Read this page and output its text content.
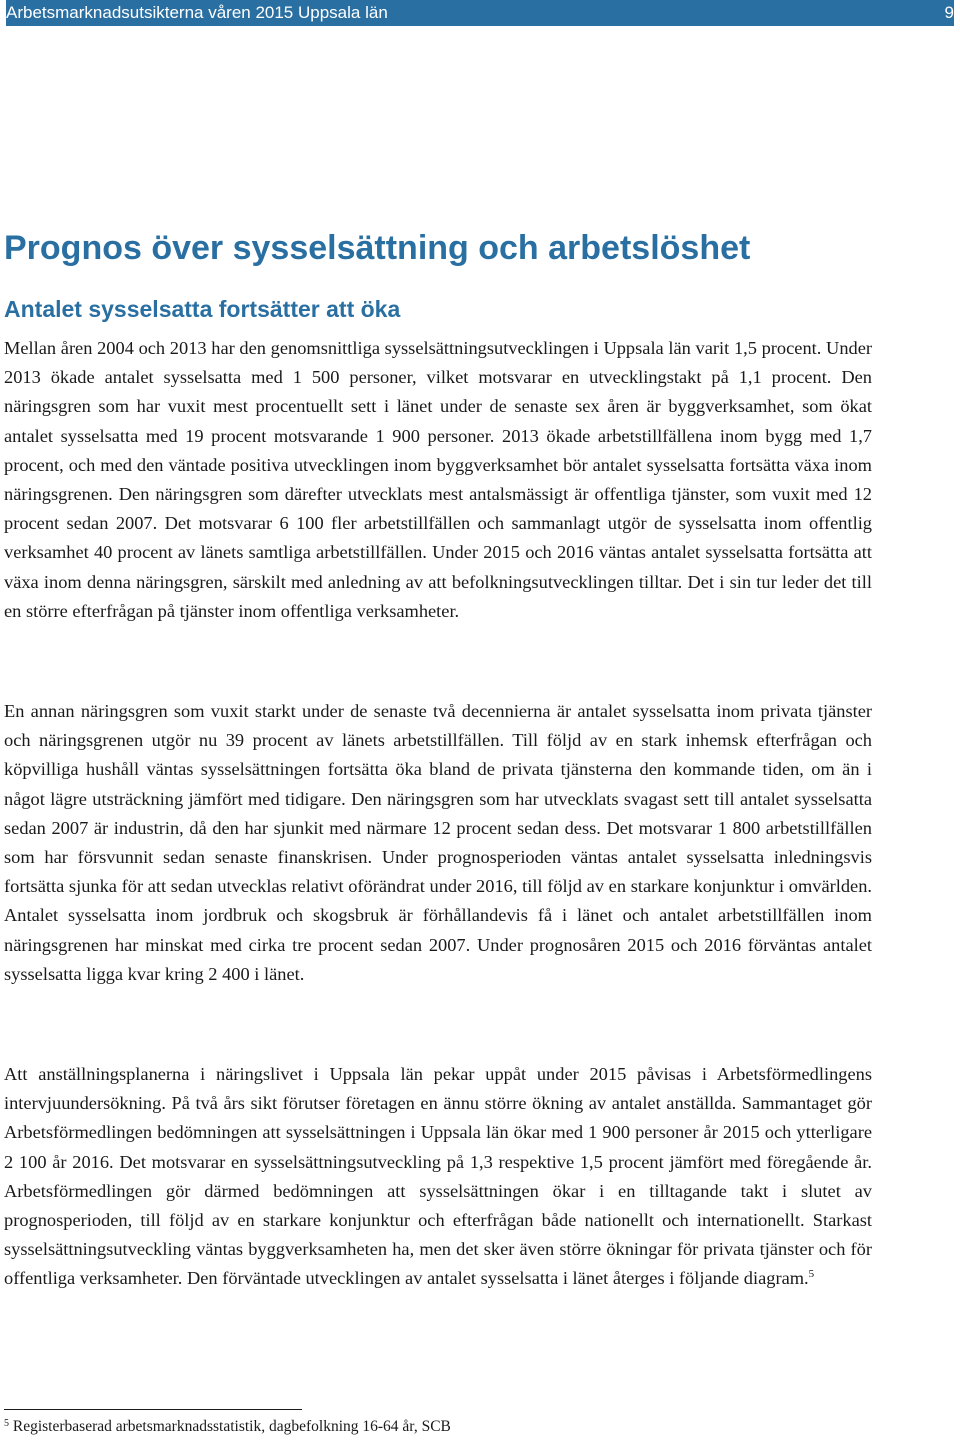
Arbetsmarknadsutsikterna våren 2015 Uppsala län	9
Prognos över sysselsättning och arbetslöshet
Antalet sysselsatta fortsätter att öka

Mellan åren 2004 och 2013 har den genomsnittliga sysselsättningsutvecklingen i Uppsala län varit 1,5 procent. Under 2013 ökade antalet sysselsatta med 1 500 personer, vilket motsvarar en utvecklingstakt på 1,1 procent. Den näringsgren som har vuxit mest procentuellt sett i länet under de senaste sex åren är byggverksamhet, som ökat antalet sysselsatta med 19 procent motsvarande 1 900 personer. 2013 ökade arbetstillfällena inom bygg med 1,7 procent, och med den väntade positiva utvecklingen inom byggverksamhet bör antalet sysselsatta fortsätta växa inom näringsgrenen. Den näringsgren som därefter utvecklats mest antalsmässigt är offentliga tjänster, som vuxit med 12 procent sedan 2007. Det motsvarar 6 100 fler arbetstillfällen och sammanlagt utgör de sysselsatta inom offentlig verksamhet 40 procent av länets samtliga arbetstillfällen. Under 2015 och 2016 väntas antalet sysselsatta fortsätta att växa inom denna näringsgren, särskilt med anledning av att befolkningsutvecklingen tilltar. Det i sin tur leder det till en större efterfrågan på tjänster inom offentliga verksamheter.

En annan näringsgren som vuxit starkt under de senaste två decennierna är antalet sysselsatta inom privata tjänster och näringsgrenen utgör nu 39 procent av länets arbetstillfällen. Till följd av en stark inhemsk efterfrågan och köpvilliga hushåll väntas sysselsättningen fortsätta öka bland de privata tjänsterna den kommande tiden, om än i något lägre utsträckning jämfört med tidigare. Den näringsgren som har utvecklats svagast sett till antalet sysselsatta sedan 2007 är industrin, då den har sjunkit med närmare 12 procent sedan dess. Det motsvarar 1 800 arbetstillfällen som har försvunnit sedan senaste finanskrisen. Under prognosperioden väntas antalet sysselsatta inledningsvis fortsätta sjunka för att sedan utvecklas relativt oförändrat under 2016, till följd av en starkare konjunktur i omvärlden. Antalet sysselsatta inom jordbruk och skogsbruk är förhållandevis få i länet och antalet arbetstillfällen inom näringsgrenen har minskat med cirka tre procent sedan 2007. Under prognosåren 2015 och 2016 förväntas antalet sysselsatta ligga kvar kring 2 400 i länet.

Att anställningsplanerna i näringslivet i Uppsala län pekar uppåt under 2015 påvisas i Arbetsförmedlingens intervjuundersökning. På två års sikt förutser företagen en ännu större ökning av antalet anställda. Sammantaget gör Arbetsförmedlingen bedömningen att sysselsättningen i Uppsala län ökar med 1 900 personer år 2015 och ytterligare 2 100 år 2016. Det motsvarar en sysselsättningsutveckling på 1,3 respektive 1,5 procent jämfört med föregående år. Arbetsförmedlingen gör därmed bedömningen att sysselsättningen ökar i en tilltagande takt i slutet av prognosperioden, till följd av en starkare konjunktur och efterfrågan både nationellt och internationellt. Starkast sysselsättningsutveckling väntas byggverksamheten ha, men det sker även större ökningar för privata tjänster och för offentliga verksamheter. Den förväntade utvecklingen av antalet sysselsatta i länet återges i följande diagram.$^5$

$^5$ Registerbaserad arbetsmarknadsstatistik, dagbefolkning 16-64 år, SCB
